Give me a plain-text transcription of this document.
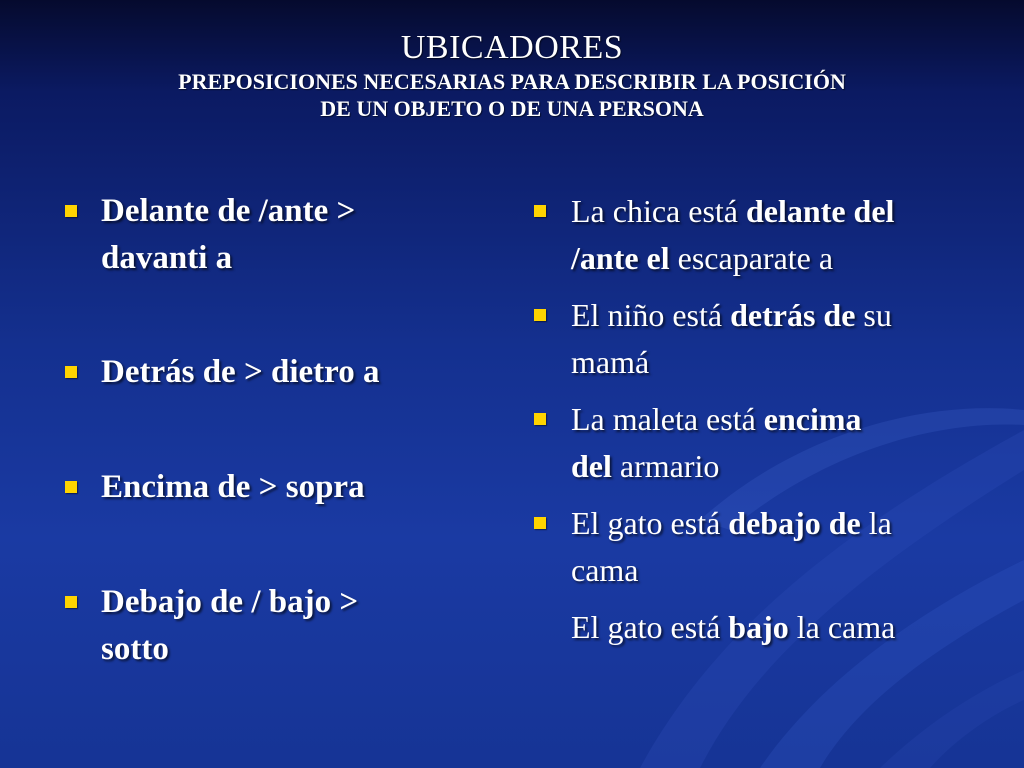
UBICADORES
PREPOSICIONES NECESARIAS PARA DESCRIBIR LA POSICIÓN
DE UN OBJETO O DE UNA PERSONA
Delante de /ante >
davanti a
Detrás de > dietro a
Encima de > sopra
Debajo de / bajo >
sotto
La chica está delante del
/ante el escaparate a
El niño está detrás de su
mamá
La maleta está encima
del armario
El gato está debajo de la
cama
El gato está bajo la cama
